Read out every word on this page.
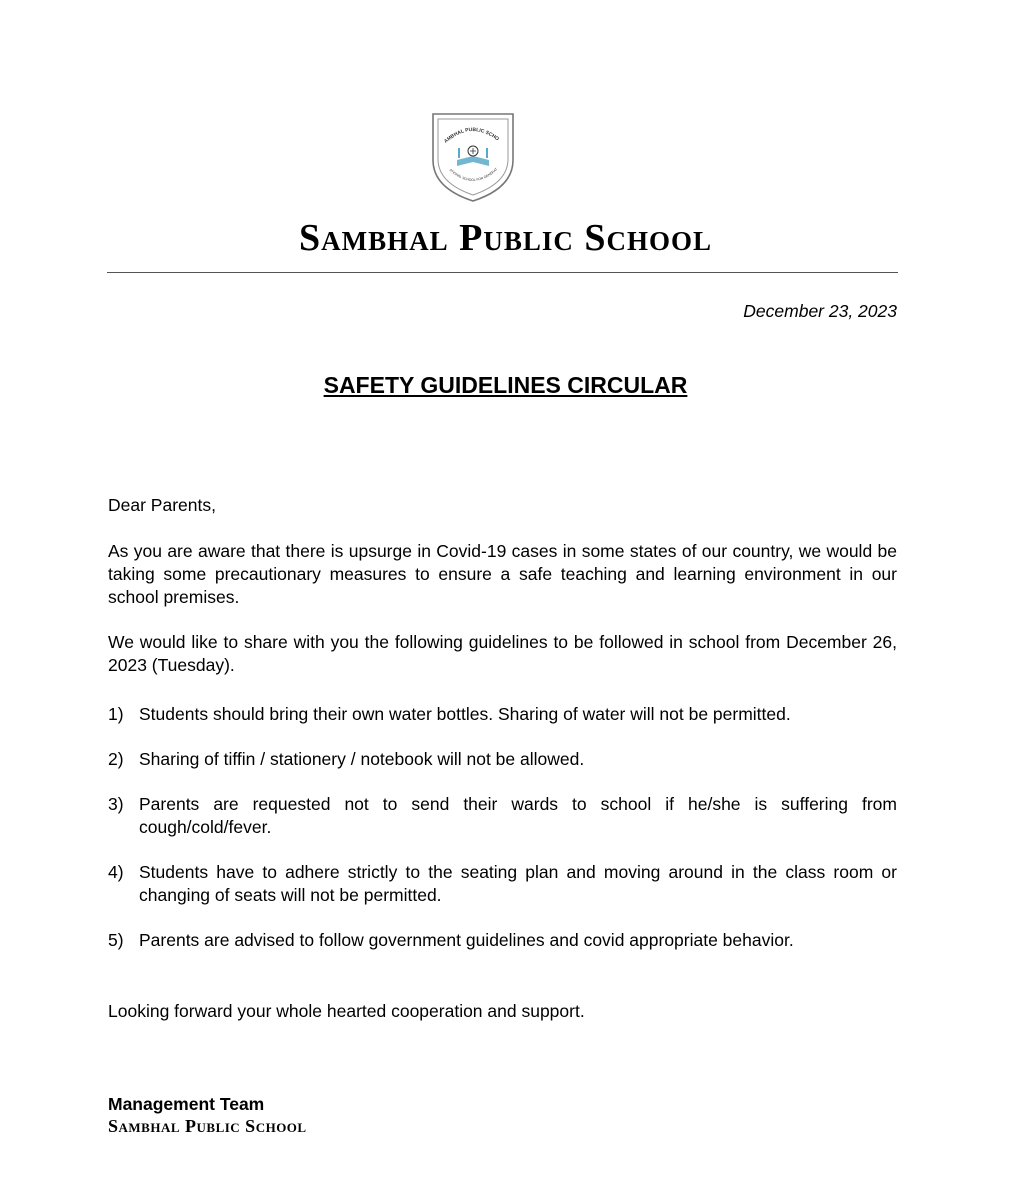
AMBHAL PUBLIC SCHO
ATIONAL SCHOOL FOR GENERAT
Sambhal Public School
December 23, 2023
SAFETY GUIDELINES CIRCULAR
Dear Parents,
As you are aware that there is upsurge in Covid-19 cases in some states of our country, we would be taking some precautionary measures to ensure a safe teaching and learning environment in our school premises.
We would like to share with you the following guidelines to be followed in school from December 26, 2023 (Tuesday).
1) Students should bring their own water bottles. Sharing of water will not be permitted.
2) Sharing of tiffin / stationery / notebook will not be allowed.
3) Parents are requested not to send their wards to school if he/she is suffering from cough/cold/fever.
4) Students have to adhere strictly to the seating plan and moving around in the class room or changing of seats will not be permitted.
5) Parents are advised to follow government guidelines and covid appropriate behavior.
Looking forward your whole hearted cooperation and support.
Management Team
Sambhal Public School
